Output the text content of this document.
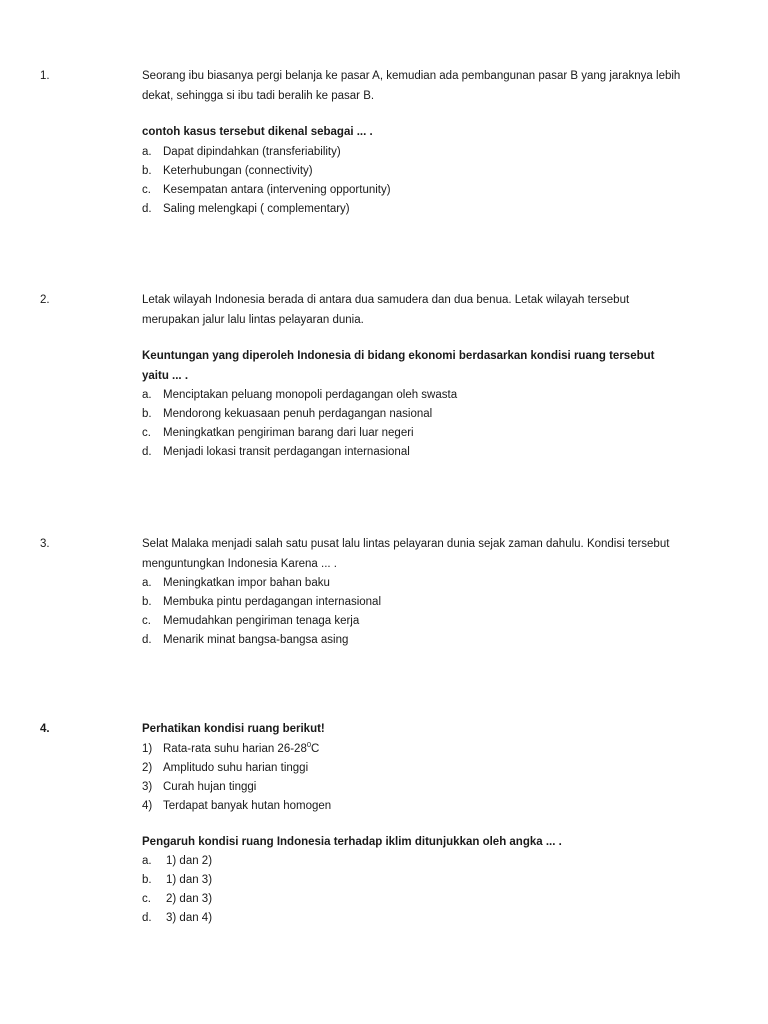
1.	Seorang ibu biasanya pergi belanja ke pasar A, kemudian ada pembangunan pasar B yang jaraknya lebih dekat, sehingga si ibu tadi beralih ke pasar B.

contoh kasus tersebut dikenal sebagai ... .

a. Dapat dipindahkan (transferiability)
b. Keterhubungan (connectivity)
c. Kesempatan antara (intervening opportunity)
d. Saling melengkapi ( complementary)
2.	Letak wilayah Indonesia berada di antara dua samudera dan dua benua. Letak wilayah tersebut merupakan jalur lalu lintas pelayaran dunia.

Keuntungan yang diperoleh Indonesia di bidang ekonomi berdasarkan kondisi ruang tersebut yaitu ... .

a. Menciptakan peluang monopoli perdagangan oleh swasta
b. Mendorong kekuasaan penuh perdagangan nasional
c. Meningkatkan pengiriman barang dari luar negeri
d. Menjadi lokasi transit perdagangan internasional
3.	Selat Malaka menjadi salah satu pusat lalu lintas pelayaran dunia sejak zaman dahulu. Kondisi tersebut menguntungkan Indonesia Karena ... .

a. Meningkatkan impor bahan baku
b. Membuka pintu perdagangan internasional
c. Memudahkan pengiriman tenaga kerja
d. Menarik minat bangsa-bangsa asing
4.	Perhatikan kondisi ruang berikut!

1) Rata-rata suhu harian $26-28^0C$
2) Amplitudo suhu harian tinggi
3) Curah hujan tinggi
4) Terdapat banyak hutan homogen

Pengaruh kondisi ruang Indonesia terhadap iklim ditunjukkan oleh angka ... .

a. 1) dan 2)
b. 1) dan 3)
c. 2) dan 3)
d. 3) dan 4)
